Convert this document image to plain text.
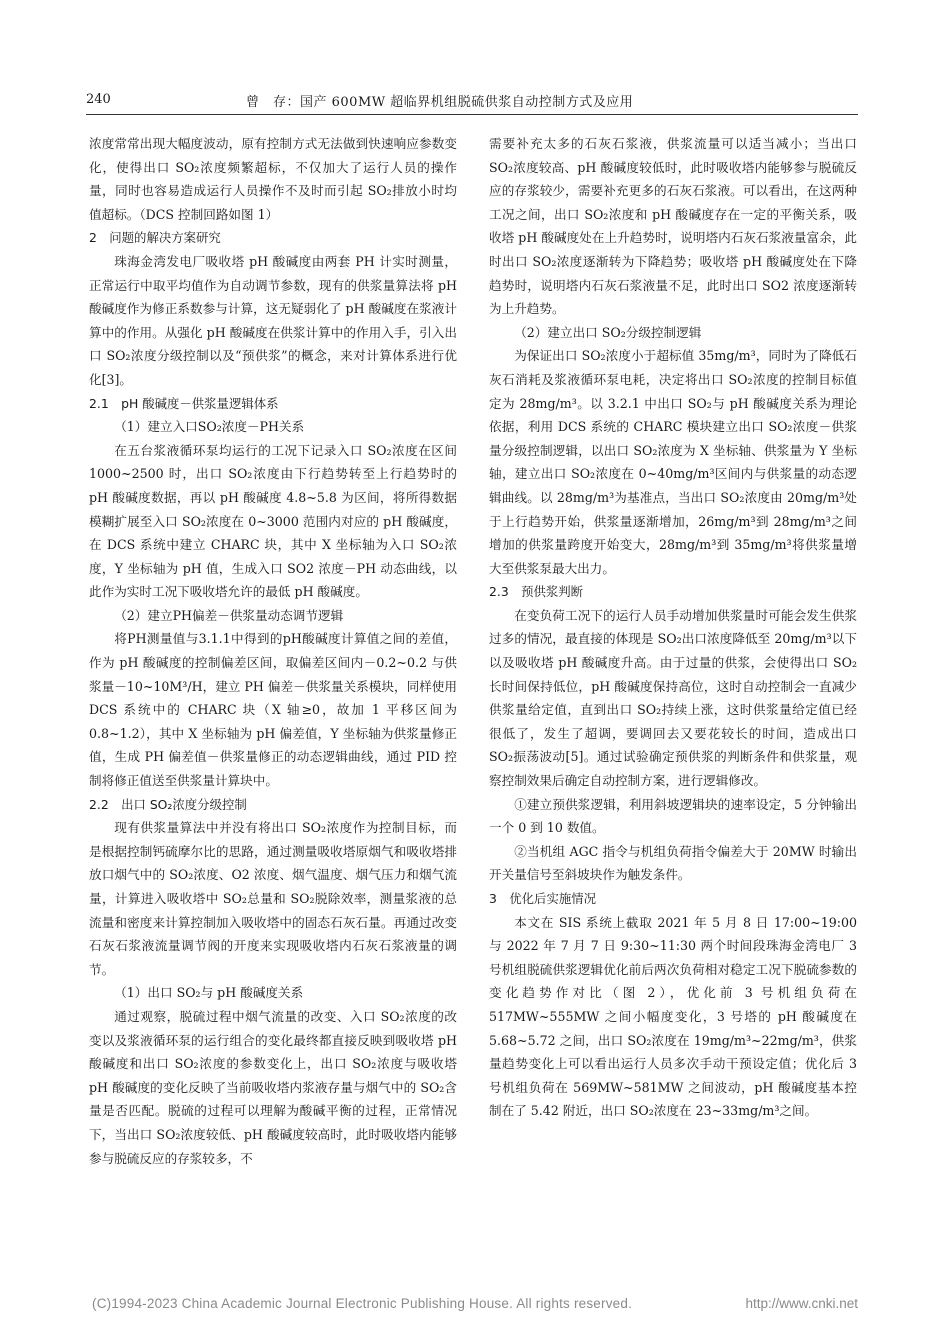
240	曾　存：国产 600MW 超临界机组脱硫供浆自动控制方式及应用

浓度常常出现大幅度波动，原有控制方式无法做到快速响应参数变化，使得出口 SO₂浓度频繁超标，不仅加大了运行人员的操作量，同时也容易造成运行人员操作不及时而引起 SO₂排放小时均值超标。（DCS 控制回路如图 1）

2　问题的解决方案研究

珠海金湾发电厂吸收塔 pH 酸碱度由两套 PH 计实时测量，正常运行中取平均值作为自动调节参数，现有的供浆量算法将 pH 酸碱度作为修正系数参与计算，这无疑弱化了 pH 酸碱度在浆液计算中的作用。从强化 pH 酸碱度在供浆计算中的作用入手，引入出口 SO₂浓度分级控制以及“预供浆”的概念，来对计算体系进行优化[3]。

2.1　pH 酸碱度－供浆量逻辑体系

（1）建立入口SO₂浓度－PH关系

在五台浆液循环泵均运行的工况下记录入口 SO₂浓度在区间 1000~2500 时，出口 SO₂浓度由下行趋势转至上行趋势时的 pH 酸碱度数据，再以 pH 酸碱度 4.8~5.8 为区间，将所得数据模糊扩展至入口 SO₂浓度在 0~3000 范围内对应的 pH 酸碱度，在 DCS 系统中建立 CHARC 块，其中 X 坐标轴为入口 SO₂浓度，Y 坐标轴为 pH 值，生成入口 SO2 浓度－PH 动态曲线，以此作为实时工况下吸收塔允许的最低 pH 酸碱度。

（2）建立PH偏差－供浆量动态调节逻辑

将PH测量值与3.1.1中得到的pH酸碱度计算值之间的差值，作为 pH 酸碱度的控制偏差区间，取偏差区间内－0.2~0.2 与供浆量－10~10M³/H，建立 PH 偏差－供浆量关系模块，同样使用 DCS 系统中的 CHARC 块（X 轴≥0，故加 1 平移区间为 0.8~1.2），其中 X 坐标轴为 pH 偏差值，Y 坐标轴为供浆量修正值，生成 PH 偏差值－供浆量修正的动态逻辑曲线，通过 PID 控制将修正值送至供浆量计算块中。

2.2　出口 SO₂浓度分级控制

现有供浆量算法中并没有将出口 SO₂浓度作为控制目标，而是根据控制钙硫摩尔比的思路，通过测量吸收塔原烟气和吸收塔排放口烟气中的 SO₂浓度、O2 浓度、烟气温度、烟气压力和烟气流量，计算进入吸收塔中 SO₂总量和 SO₂脱除效率，测量浆液的总流量和密度来计算控制加入吸收塔中的固态石灰石量。再通过改变石灰石浆液流量调节阀的开度来实现吸收塔内石灰石浆液量的调节。

（1）出口 SO₂与 pH 酸碱度关系

通过观察，脱硫过程中烟气流量的改变、入口 SO₂浓度的改变以及浆液循环泵的运行组合的变化最终都直接反映到吸收塔 pH 酸碱度和出口 SO₂浓度的参数变化上，出口 SO₂浓度与吸收塔 pH 酸碱度的变化反映了当前吸收塔内浆液存量与烟气中的 SO₂含量是否匹配。脱硫的过程可以理解为酸碱平衡的过程，正常情况下，当出口 SO₂浓度较低、pH 酸碱度较高时，此时吸收塔内能够参与脱硫反应的存浆较多，不

需要补充太多的石灰石浆液，供浆流量可以适当减小；当出口 SO₂浓度较高、pH 酸碱度较低时，此时吸收塔内能够参与脱硫反应的存浆较少，需要补充更多的石灰石浆液。可以看出，在这两种工况之间，出口 SO₂浓度和 pH 酸碱度存在一定的平衡关系，吸收塔 pH 酸碱度处在上升趋势时，说明塔内石灰石浆液量富余，此时出口 SO₂浓度逐渐转为下降趋势；吸收塔 pH 酸碱度处在下降趋势时，说明塔内石灰石浆液量不足，此时出口 SO2 浓度逐渐转为上升趋势。

（2）建立出口 SO₂分级控制逻辑

为保证出口 SO₂浓度小于超标值 35mg/m³，同时为了降低石灰石消耗及浆液循环泵电耗，决定将出口 SO₂浓度的控制目标值定为 28mg/m³。以 3.2.1 中出口 SO₂与 pH 酸碱度关系为理论依据，利用 DCS 系统的 CHARC 模块建立出口 SO₂浓度－供浆量分级控制逻辑，以出口 SO₂浓度为 X 坐标轴、供浆量为 Y 坐标轴，建立出口 SO₂浓度在 0~40mg/m³区间内与供浆量的动态逻辑曲线。以 28mg/m³为基准点，当出口 SO₂浓度由 20mg/m³处于上行趋势开始，供浆量逐渐增加，26mg/m³到 28mg/m³之间增加的供浆量跨度开始变大，28mg/m³到 35mg/m³将供浆量增大至供浆泵最大出力。

2.3　预供浆判断

在变负荷工况下的运行人员手动增加供浆量时可能会发生供浆过多的情况，最直接的体现是 SO₂出口浓度降低至 20mg/m³以下以及吸收塔 pH 酸碱度升高。由于过量的供浆，会使得出口 SO₂长时间保持低位，pH 酸碱度保持高位，这时自动控制会一直减少供浆量给定值，直到出口 SO₂持续上涨，这时供浆量给定值已经很低了，发生了超调，要调回去又要花较长的时间，造成出口 SO₂振荡波动[5]。通过试验确定预供浆的判断条件和供浆量，观察控制效果后确定自动控制方案，进行逻辑修改。

①建立预供浆逻辑，利用斜坡逻辑块的速率设定，5 分钟输出一个 0 到 10 数值。

②当机组 AGC 指令与机组负荷指令偏差大于 20MW 时输出开关量信号至斜坡块作为触发条件。

3　优化后实施情况

本文在 SIS 系统上截取 2021 年 5 月 8 日 17:00~19:00 与 2022 年 7 月 7 日 9:30~11:30 两个时间段珠海金湾电厂 3 号机组脱硫供浆逻辑优化前后两次负荷相对稳定工况下脱硫参数的变化趋势作对比（图 2），优化前 3 号机组负荷在 517MW~555MW 之间小幅度变化，3 号塔的 pH 酸碱度在 5.68~5.72 之间，出口 SO₂浓度在 19mg/m³~22mg/m³，供浆量趋势变化上可以看出运行人员多次手动干预设定值；优化后 3 号机组负荷在 569MW~581MW 之间波动，pH 酸碱度基本控制在了 5.42 附近，出口 SO₂浓度在 23~33mg/m³之间。

(C)1994-2023 China Academic Journal Electronic Publishing House. All rights reserved.	http://www.cnki.net
